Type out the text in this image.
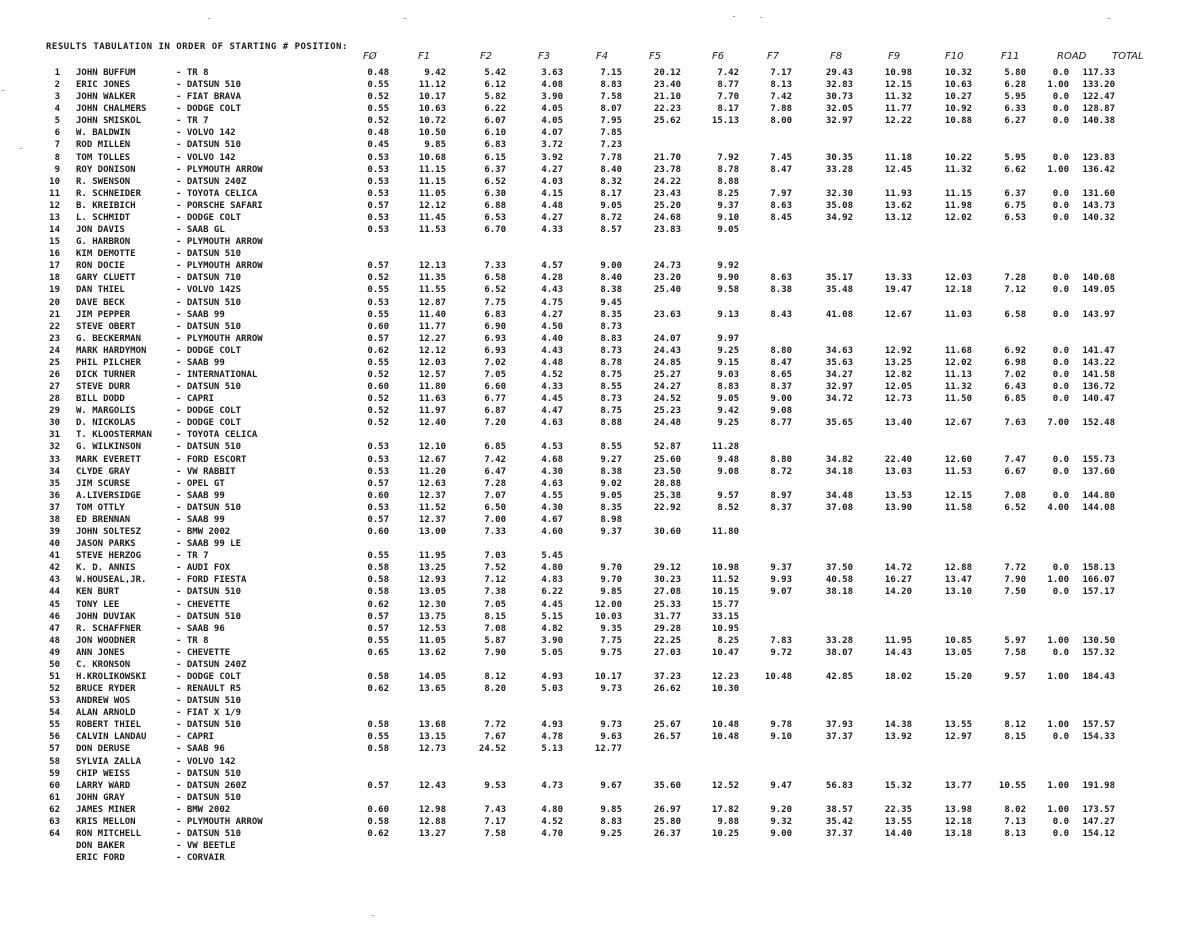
RESULTS TABULATION IN ORDER OF STARTING # POSITION:
FØ	F1	F2	F3	F4	F5	F6	F7	F8	F9	F10	F11	ROAD	TOTAL
1 JOHN BUFFUM	- TR 8	0.48	9.42	5.42	3.63	7.15	20.12	7.42	7.17	29.43	10.98	10.32	5.80	0.0 117.33
2 ERIC JONES	- DATSUN 510	0.55	11.12	6.12	4.08	8.83	23.40	8.77	8.13	32.83	12.15	10.63	6.28 1.00 133.20
3 JOHN WALKER	- FIAT BRAVA	0.52	10.17	5.82	3.90	7.58	21.10	7.70	7.42	30.73	11.32	10.27	5.95	0.0 122.47
4 JOHN CHALMERS	- DODGE COLT	0.55	10.63	6.22	4.05	8.07	22.23	8.17	7.88	32.05	11.77	10.92	6.33	0.0 128.87
5 JOHN SMISKOL	- TR 7	0.52	10.72	6.07	4.05	7.95	25.62	15.13	8.00	32.97	12.22	10.88	6.27	0.0 140.38
6 W. BALDWIN	- VOLVO 142	0.48	10.50	6.10	4.07	7.85
7 ROD MILLEN	- DATSUN 510	0.45	9.85	6.83	3.72	7.23
8 TOM TOLLES	- VOLVO 142	0.53	10.68	6.15	3.92	7.78	21.70	7.92	7.45	30.35	11.18	10.22	5.95	0.0 123.83
9 ROY DONISON	- PLYMOUTH ARROW	0.53	11.15	6.37	4.27	8.40	23.78	8.78	8.47	33.28	12.45	11.32	6.62 1.00 136.42
10 R. SWENSON	- DATSUN 240Z	0.53	11.15	6.52	4.03	8.32	24.22	8.88
11 R. SCHNEIDER	- TOYOTA CELICA	0.53	11.05	6.30	4.15	8.17	23.43	8.25	7.97	32.30	11.93	11.15	6.37	0.0 131.60
12 B. KREIBICH	- PORSCHE SAFARI	0.57	12.12	6.88	4.48	9.05	25.20	9.37	8.63	35.08	13.62	11.98	6.75	0.0 143.73
13 L. SCHMIDT	- DODGE COLT	0.53	11.45	6.53	4.27	8.72	24.68	9.10	8.45	34.92	13.12	12.02	6.53	0.0 140.32
14 JON DAVIS	- SAAB GL	0.53	11.53	6.70	4.33	8.57	23.83	9.05
15 G. HARBRON	- PLYMOUTH ARROW
16 KIM DEMOTTE	- DATSUN 510
17 RON DOCIE	- PLYMOUTH ARROW	0.57	12.13	7.33	4.57	9.00	24.73	9.92
18 GARY CLUETT	- DATSUN 710	0.52	11.35	6.58	4.28	8.40	23.20	9.90	8.63	35.17	13.33	12.03	7.28	0.0 140.68
19 DAN THIEL	- VOLVO 142S	0.55	11.55	6.52	4.43	8.38	25.40	9.58	8.38	35.48	19.47	12.18	7.12	0.0 149.05
20 DAVE BECK	- DATSUN 510	0.53	12.87	7.75	4.75	9.45
21 JIM PEPPER	- SAAB 99	0.55	11.40	6.83	4.27	8.35	23.63	9.13	8.43	41.08	12.67	11.03	6.58	0.0 143.97
22 STEVE OBERT	- DATSUN 510	0.60	11.77	6.90	4.50	8.73
23 G. BECKERMAN	- PLYMOUTH ARROW	0.57	12.27	6.93	4.40	8.83	24.07	9.97
24 MARK HARDYMON	- DODGE COLT	0.62	12.12	6.93	4.43	8.73	24.43	9.25	8.80	34.63	12.92	11.68	6.92	0.0 141.47
25 PHIL PILCHER	- SAAB 99	0.55	12.03	7.02	4.48	8.78	24.85	9.15	8.47	35.63	13.25	12.02	6.98	0.0 143.22
26 DICK TURNER	- INTERNATIONAL	0.52	12.57	7.05	4.52	8.75	25.27	9.03	8.65	34.27	12.82	11.13	7.02	0.0 141.58
27 STEVE DURR	- DATSUN 510	0.60	11.80	6.60	4.33	8.55	24.27	8.83	8.37	32.97	12.05	11.32	6.43	0.0 136.72
28 BILL DODD	- CAPRI	0.52	11.63	6.77	4.45	8.73	24.52	9.05	9.00	34.72	12.73	11.50	6.85	0.0 140.47
29 W. MARGOLIS	- DODGE COLT	0.52	11.97	6.87	4.47	8.75	25.23	9.42	9.08
30 D. NICKOLAS	- DODGE COLT	0.52	12.40	7.20	4.63	8.88	24.48	9.25	8.77	35.65	13.40	12.67	7.63 7.00 152.48
31 T. KLOOSTERMAN	- TOYOTA CELICA
32 G. WILKINSON	- DATSUN 510	0.53	12.10	6.85	4.53	8.55	52.87	11.28
33 MARK EVERETT	- FORD ESCORT	0.53	12.67	7.42	4.68	9.27	25.60	9.48	8.80	34.82	22.40	12.60	7.47	0.0 155.73
34 CLYDE GRAY	- VW RABBIT	0.53	11.20	6.47	4.30	8.38	23.50	9.08	8.72	34.18	13.03	11.53	6.67	0.0 137.60
35 JIM SCURSE	- OPEL GT	0.57	12.63	7.28	4.63	9.02	28.88
36 A.LIVERSIDGE	- SAAB 99	0.60	12.37	7.07	4.55	9.05	25.38	9.57	8.97	34.48	13.53	12.15	7.08	0.0 144.80
37 TOM OTTLY	- DATSUN 510	0.53	11.52	6.50	4.30	8.35	22.92	8.52	8.37	37.08	13.90	11.58	6.52 4.00 144.08
38 ED BRENNAN	- SAAB 99	0.57	12.37	7.00	4.67	8.98
39 JOHN SOLTESZ	- BMW 2002	0.60	13.00	7.33	4.60	9.37	30.60	11.80
40 JASON PARKS	- SAAB 99 LE
41 STEVE HERZOG	- TR 7	0.55	11.95	7.03	5.45
42 K. D. ANNIS	- AUDI FOX	0.58	13.25	7.52	4.80	9.70	29.12	10.98	9.37	37.50	14.72	12.88	7.72	0.0 158.13
43 W.HOUSEAL,JR.	- FORD FIESTA	0.58	12.93	7.12	4.83	9.70	30.23	11.52	9.93	40.58	16.27	13.47	7.90 1.00 166.07
44 KEN BURT	- DATSUN 510	0.58	13.05	7.38	6.22	9.85	27.08	10.15	9.07	38.18	14.20	13.10	7.50	0.0 157.17
45 TONY LEE	- CHEVETTE	0.62	12.30	7.05	4.45	12.00	25.33	15.77
46 JOHN DUVIAK	- DATSUN 510	0.57	13.75	8.15	5.15	10.03	31.77	33.15
47 R. SCHAFFNER	- SAAB 96	0.57	12.53	7.08	4.82	9.35	29.28	10.95
48 JON WOODNER	- TR 8	0.55	11.05	5.87	3.90	7.75	22.25	8.25	7.83	33.28	11.95	10.85	5.97 1.00 130.50
49 ANN JONES	- CHEVETTE	0.65	13.62	7.90	5.05	9.75	27.03	10.47	9.72	38.07	14.43	13.05	7.58	0.0 157.32
50 C. KRONSON	- DATSUN 240Z
51 H.KROLIKOWSKI	- DODGE COLT	0.58	14.05	8.12	4.93	10.17	37.23	12.23	10.48	42.85	18.02	15.20	9.57 1.00 184.43
52 BRUCE RYDER	- RENAULT R5	0.62	13.65	8.20	5.03	9.73	26.62	10.30
53 ANDREW WOS	- DATSUN 510
54 ALAN ARNOLD	- FIAT X 1/9
55 ROBERT THIEL	- DATSUN 510	0.58	13.68	7.72	4.93	9.73	25.67	10.48	9.78	37.93	14.38	13.55	8.12 1.00 157.57
56 CALVIN LANDAU	- CAPRI	0.55	13.15	7.67	4.78	9.63	26.57	10.48	9.10	37.37	13.92	12.97	8.15	0.0 154.33
57 DON DERUSE	- SAAB 96	0.58	12.73	24.52	5.13	12.77
58 SYLVIA ZALLA	- VOLVO 142
59 CHIP WEISS	- DATSUN 510
60 LARRY WARD	- DATSUN 260Z	0.57	12.43	9.53	4.73	9.67	35.60	12.52	9.47	56.83	15.32	13.77	10.55 1.00 191.98
61 JOHN GRAY	- DATSUN 510
62 JAMES MINER	- BMW 2002	0.60	12.98	7.43	4.80	9.85	26.97	17.82	9.20	38.57	22.35	13.98	8.02 1.00 173.57
63 KRIS MELLON	- PLYMOUTH ARROW	0.58	12.88	7.17	4.52	8.83	25.80	9.88	9.32	35.42	13.55	12.18	7.13	0.0 147.27
64 RON MITCHELL	- DATSUN 510	0.62	13.27	7.58	4.70	9.25	26.37	10.25	9.00	37.37	14.40	13.18	8.13	0.0 154.12
DON BAKER	- VW BEETLE
ERIC FORD	- CORVAIR
